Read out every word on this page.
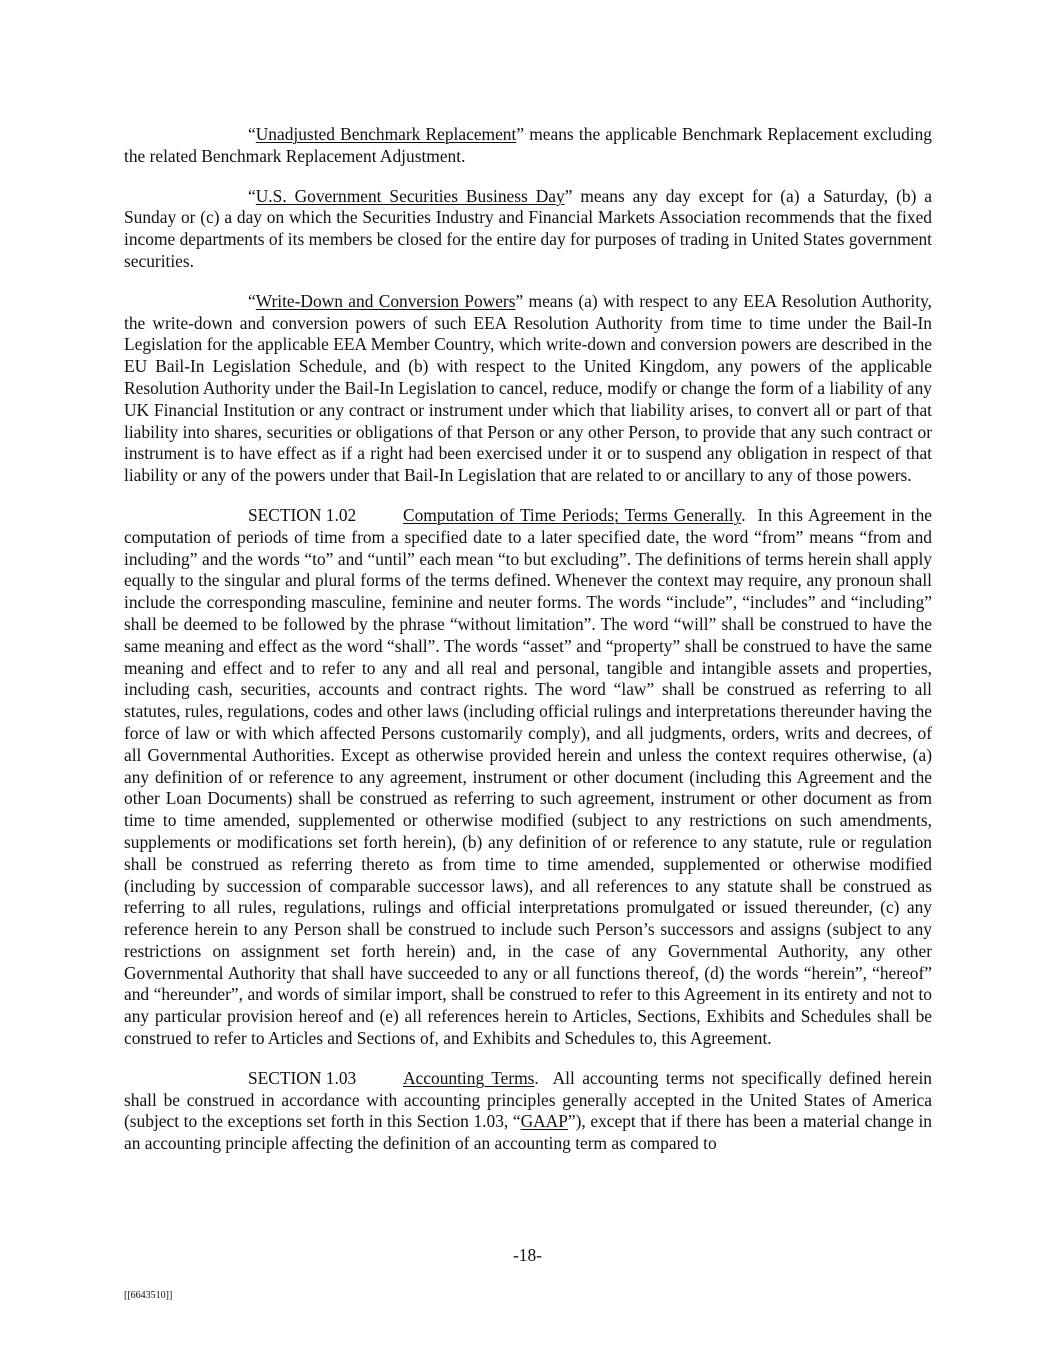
“Unadjusted Benchmark Replacement” means the applicable Benchmark Replacement excluding the related Benchmark Replacement Adjustment.

“U.S. Government Securities Business Day” means any day except for (a) a Saturday, (b) a Sunday or (c) a day on which the Securities Industry and Financial Markets Association recommends that the fixed income departments of its members be closed for the entire day for purposes of trading in United States government securities.

“Write-Down and Conversion Powers” means (a) with respect to any EEA Resolution Authority, the write-down and conversion powers of such EEA Resolution Authority from time to time under the Bail-In Legislation for the applicable EEA Member Country, which write-down and conversion powers are described in the EU Bail-In Legislation Schedule, and (b) with respect to the United Kingdom, any powers of the applicable Resolution Authority under the Bail-In Legislation to cancel, reduce, modify or change the form of a liability of any UK Financial Institution or any contract or instrument under which that liability arises, to convert all or part of that liability into shares, securities or obligations of that Person or any other Person, to provide that any such contract or instrument is to have effect as if a right had been exercised under it or to suspend any obligation in respect of that liability or any of the powers under that Bail-In Legislation that are related to or ancillary to any of those powers.

SECTION 1.02	Computation of Time Periods; Terms Generally. In this Agreement in the computation of periods of time from a specified date to a later specified date, the word “from” means “from and including” and the words “to” and “until” each mean “to but excluding”. The definitions of terms herein shall apply equally to the singular and plural forms of the terms defined. Whenever the context may require, any pronoun shall include the corresponding masculine, feminine and neuter forms. The words “include”, “includes” and “including” shall be deemed to be followed by the phrase “without limitation”. The word “will” shall be construed to have the same meaning and effect as the word “shall”. The words “asset” and “property” shall be construed to have the same meaning and effect and to refer to any and all real and personal, tangible and intangible assets and properties, including cash, securities, accounts and contract rights. The word “law” shall be construed as referring to all statutes, rules, regulations, codes and other laws (including official rulings and interpretations thereunder having the force of law or with which affected Persons customarily comply), and all judgments, orders, writs and decrees, of all Governmental Authorities. Except as otherwise provided herein and unless the context requires otherwise, (a) any definition of or reference to any agreement, instrument or other document (including this Agreement and the other Loan Documents) shall be construed as referring to such agreement, instrument or other document as from time to time amended, supplemented or otherwise modified (subject to any restrictions on such amendments, supplements or modifications set forth herein), (b) any definition of or reference to any statute, rule or regulation shall be construed as referring thereto as from time to time amended, supplemented or otherwise modified (including by succession of comparable successor laws), and all references to any statute shall be construed as referring to all rules, regulations, rulings and official interpretations promulgated or issued thereunder, (c) any reference herein to any Person shall be construed to include such Person’s successors and assigns (subject to any restrictions on assignment set forth herein) and, in the case of any Governmental Authority, any other Governmental Authority that shall have succeeded to any or all functions thereof, (d) the words “herein”, “hereof” and “hereunder”, and words of similar import, shall be construed to refer to this Agreement in its entirety and not to any particular provision hereof and (e) all references herein to Articles, Sections, Exhibits and Schedules shall be construed to refer to Articles and Sections of, and Exhibits and Schedules to, this Agreement.

SECTION 1.03	Accounting Terms. All accounting terms not specifically defined herein shall be construed in accordance with accounting principles generally accepted in the United States of America (subject to the exceptions set forth in this Section 1.03, “GAAP”), except that if there has been a material change in an accounting principle affecting the definition of an accounting term as compared to

-18-
[[6643510]]
